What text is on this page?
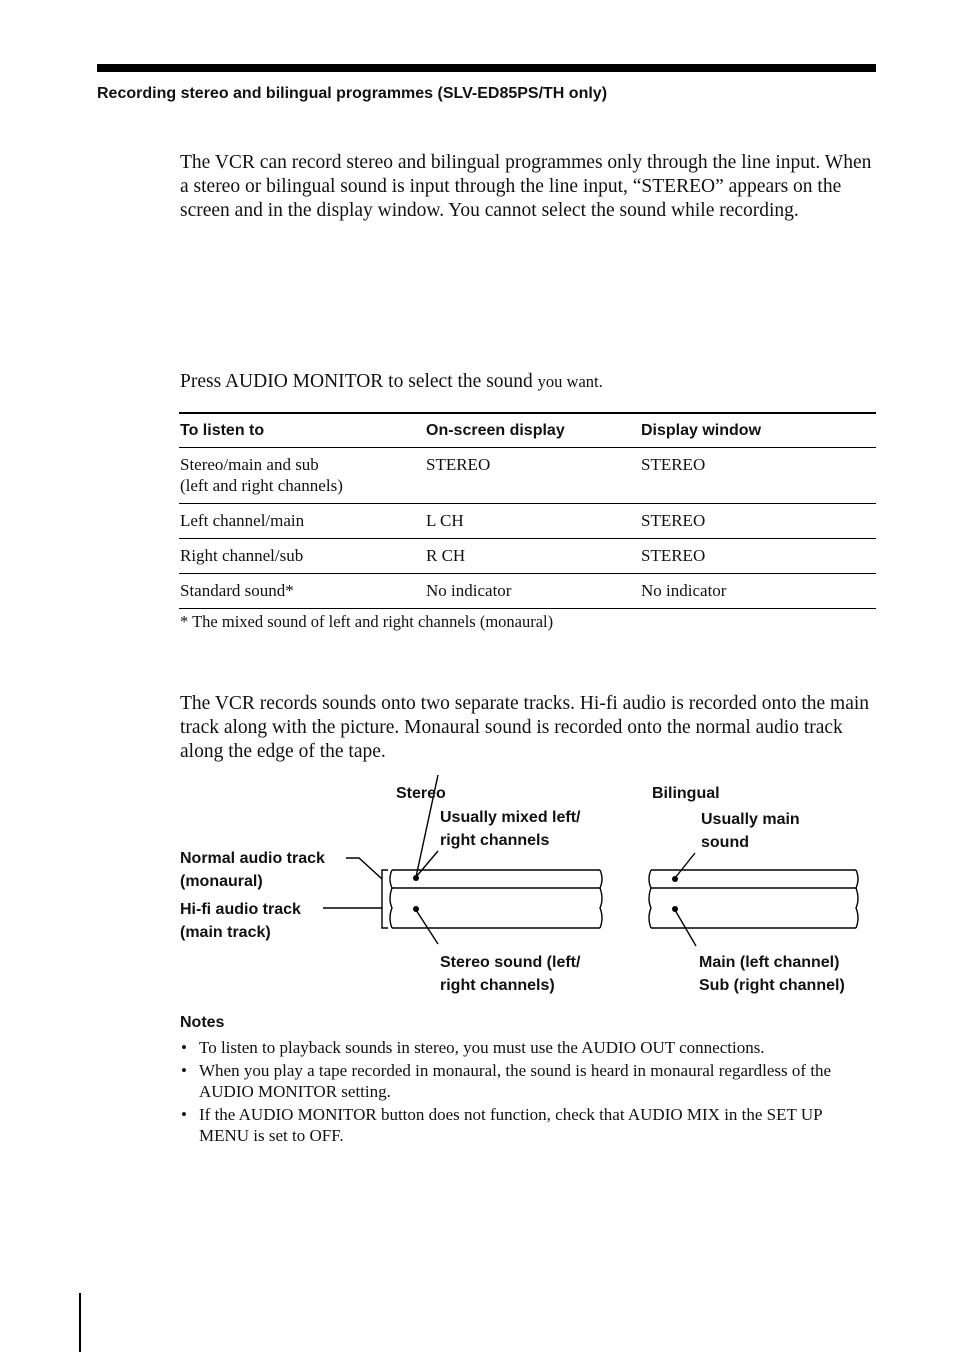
Recording stereo and bilingual programmes (SLV-ED85PS/TH only)

The VCR can record stereo and bilingual programmes only through the line input. When a stereo or bilingual sound is input through the line input, “STEREO” appears on the screen and in the display window. You cannot select the sound while recording.

Press AUDIO MONITOR to select the sound you want.
To listen to	On-screen display	Display window

Stereo/main and sub
(left and right channels)	STEREO	STEREO
Left channel/main	L CH	STEREO
Right channel/sub	R CH	STEREO
Standard sound*	No indicator	No indicator
* The mixed sound of left and right channels (monaural)

The VCR records sounds onto two separate tracks. Hi-fi audio is recorded onto the main track along with the picture. Monaural sound is recorded onto the normal audio track along the edge of the tape.

Stereo	Bilingual
Usually mixed left/
right channels
Usually main
sound
Normal audio track
(monaural)
Hi-fi audio track
(main track)
Stereo sound (left/
right channels)
Main (left channel)
Sub (right channel)
Notes
• To listen to playback sounds in stereo, you must use the AUDIO OUT connections.
• When you play a tape recorded in monaural, the sound is heard in monaural regardless of the AUDIO MONITOR setting.
• If the AUDIO MONITOR button does not function, check that AUDIO MIX in the SET UP MENU is set to OFF.
